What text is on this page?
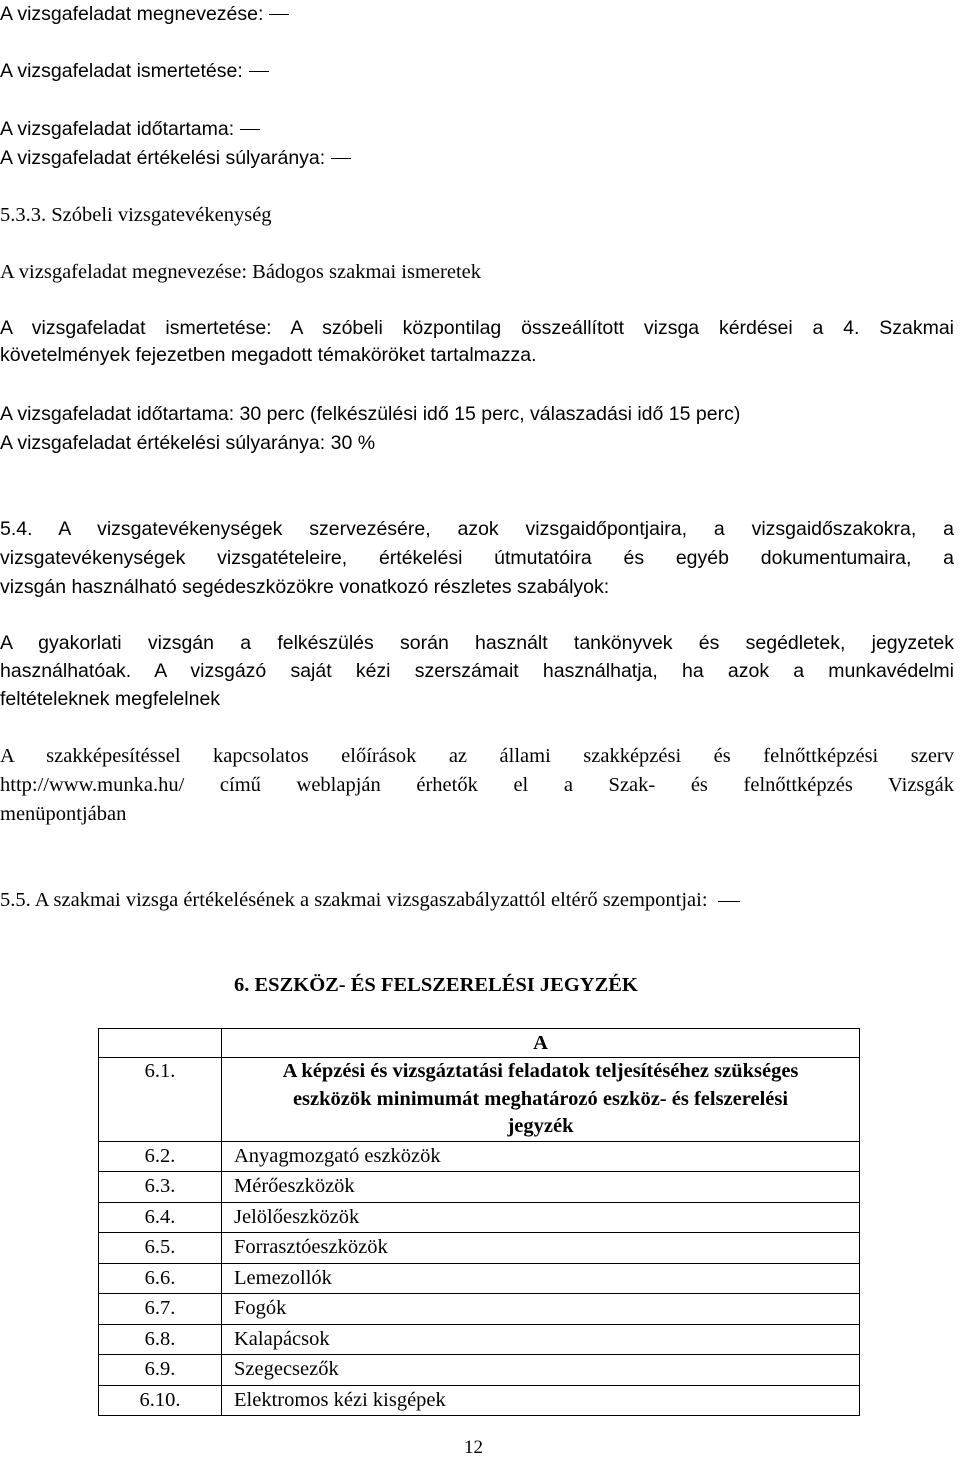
A vizsgafeladat megnevezése:
A vizsgafeladat ismertetése:
A vizsgafeladat időtartama:
A vizsgafeladat értékelési súlyaránya:
5.3.3. Szóbeli vizsgatevékenység
A vizsgafeladat megnevezése: Bádogos szakmai ismeretek
A vizsgafeladat ismertetése: A szóbeli központilag összeállított vizsga kérdései a 4. Szakmai
követelmények fejezetben megadott témaköröket tartalmazza.
A vizsgafeladat időtartama: 30 perc (felkészülési idő 15 perc, válaszadási idő 15 perc)
A vizsgafeladat értékelési súlyaránya: 30 %
5.4. A vizsgatevékenységek szervezésére, azok vizsgaidőpontjaira, a vizsgaidőszakokra, a
vizsgatevékenységek vizsgatételeire, értékelési útmutatóira és egyéb dokumentumaira, a
vizsgán használható segédeszközökre vonatkozó részletes szabályok:
A gyakorlati vizsgán a felkészülés során használt tankönyvek és segédletek, jegyzetek
használhatóak. A vizsgázó saját kézi szerszámait használhatja, ha azok a munkavédelmi
feltételeknek megfelelnek
A szakképesítéssel kapcsolatos előírások az állami szakképzési és felnőttképzési szerv
http://www.munka.hu/ című weblapján érhetők el a Szak- és felnőttképzés Vizsgák
menüpontjában
5.5. A szakmai vizsga értékelésének a szakmai vizsgaszabályzattól eltérő szempontjai:
6. ESZKÖZ- ÉS FELSZERELÉSI JEGYZÉK
	A
6.1.	A képzési és vizsgáztatási feladatok teljesítéséhez szükséges
eszközök minimumát meghatározó eszköz- és felszerelési
jegyzék

6.2.	Anyagmozgató eszközök
6.3.	Mérőeszközök
6.4.	Jelölőeszközök
6.5.	Forrasztóeszközök
6.6.	Lemezollók
6.7.	Fogók
6.8.	Kalapácsok
6.9.	Szegecsezők
6.10.	Elektromos kézi kisgépek
12
